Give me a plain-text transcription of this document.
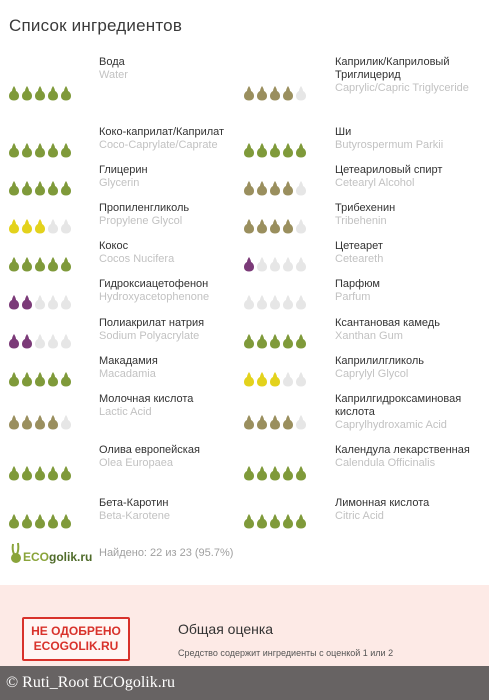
Список ингредиентов
Вода
Water
Коко-каприлат/Каприлат
Coco-Caprylate/Caprate
Глицерин
Glycerin
Пропиленгликоль
Propylene Glycol
Кокос
Cocos Nucifera
Гидроксиацетофенон
Hydroxyacetophenone
Полиакрилат натрия
Sodium Polyacrylate
Макадамия
Macadamia
Молочная кислота
Lactic Acid
Олива европейская
Olea Europaea
Бета-Каротин
Beta-Karotene
Каприлик/Каприловый Триглицерид
Caprylic/Capric Triglyceride
Ши
Butyrospermum Parkii
Цетеариловый спирт
Cetearyl Alcohol
Трибехенин
Tribehenin
Цетеарет
Ceteareth
Парфюм
Parfum
Ксантановая камедь
Xanthan Gum
Каприлилгликоль
Caprylyl Glycol
Каприлгидроксаминовая кислота
Caprylhydroxamic Acid
Календула лекарственная
Calendula Officinalis
Лимонная кислота
Citric Acid
ECOgolik.ru Найдено: 22 из 23 (95.7%)
НЕ ОДОБРЕНО
ECOGOLIK.RU
Общая оценка
Средство содержит ингредиенты с оценкой 1 или 2
© Ruti_Root ECOgolik.ru
